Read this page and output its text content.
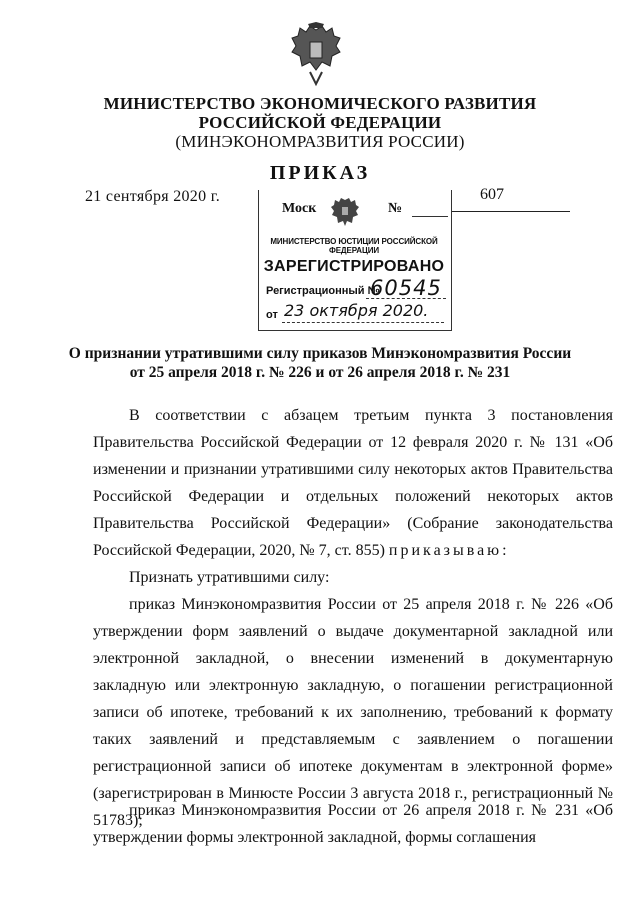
МИНИСТЕРСТВО ЭКОНОМИЧЕСКОГО РАЗВИТИЯ
РОССИЙСКОЙ ФЕДЕРАЦИИ
(МИНЭКОНОМРАЗВИТИЯ РОССИИ)
ПРИКАЗ
21 сентября 2020 г.	607
Моск	№
МИНИСТЕРСТВО ЮСТИЦИИ РОССИЙСКОЙ ФЕДЕРАЦИИ
ЗАРЕГИСТРИРОВАНО
Регистрационный №
60545
от 23 октября 2020.
О признании утратившими силу приказов Минэкономразвития России
от 25 апреля 2018 г. № 226 и от 26 апреля 2018 г. № 231
В соответствии с абзацем третьим пункта 3 постановления Правительства Российской Федерации от 12 февраля 2020 г. № 131 «Об изменении и признании утратившими силу некоторых актов Правительства Российской Федерации и отдельных положений некоторых актов Правительства Российской Федерации» (Собрание законодательства Российской Федерации, 2020, № 7, ст. 855) приказываю:
Признать утратившими силу:
приказ Минэкономразвития России от 25 апреля 2018 г. № 226 «Об утверждении форм заявлений о выдаче документарной закладной или электронной закладной, о внесении изменений в документарную закладную или электронную закладную, о погашении регистрационной записи об ипотеке, требований к их заполнению, требований к формату таких заявлений и представляемым с заявлением о погашении регистрационной записи об ипотеке документам в электронной форме» (зарегистрирован в Минюсте России 3 августа 2018 г., регистрационный № 51783);
приказ Минэкономразвития России от 26 апреля 2018 г. № 231 «Об утверждении формы электронной закладной, формы соглашения
